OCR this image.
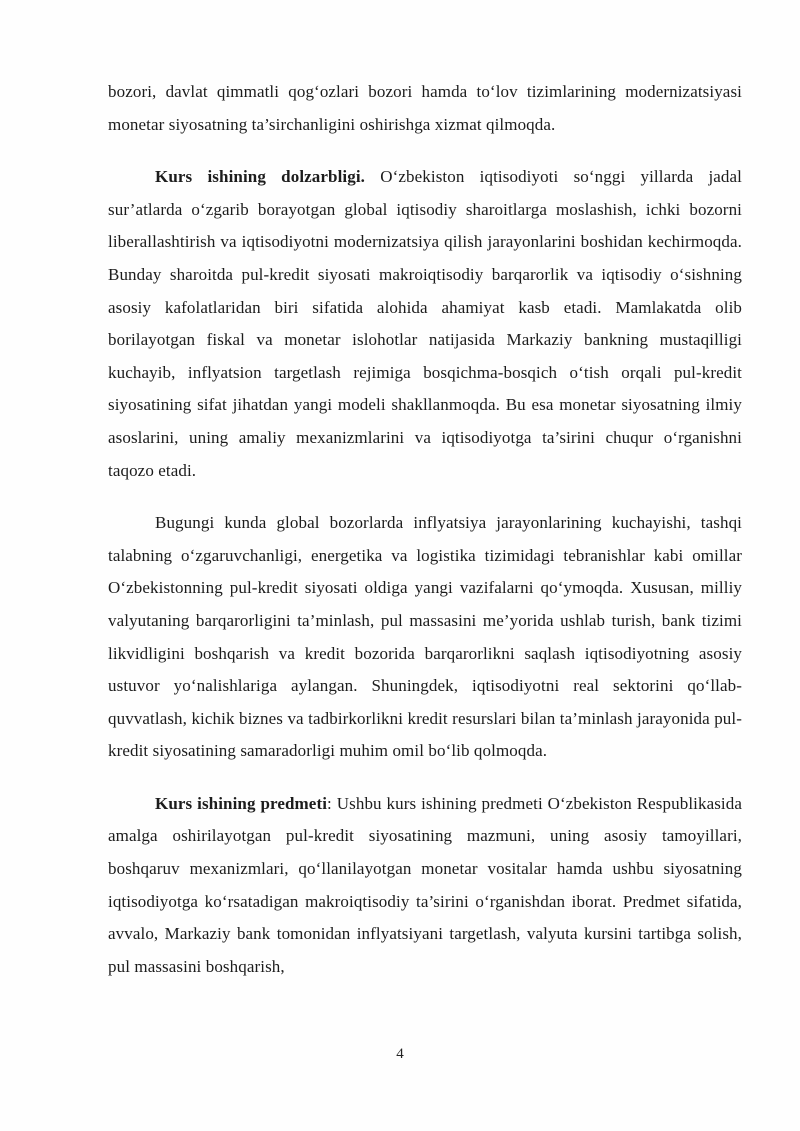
bozori, davlat qimmatli qogʻozlari bozori hamda toʻlov tizimlarining modernizatsiyasi monetar siyosatning ta’sirchanligini oshirishga xizmat qilmoqda.

Kurs ishining dolzarbligi. Oʻzbekiston iqtisodiyoti soʻnggi yillarda jadal sur’atlarda oʻzgarib borayotgan global iqtisodiy sharoitlarga moslashish, ichki bozorni liberallashtirish va iqtisodiyotni modernizatsiya qilish jarayonlarini boshidan kechirmoqda. Bunday sharoitda pul-kredit siyosati makroiqtisodiy barqarorlik va iqtisodiy oʻsishning asosiy kafolatlaridan biri sifatida alohida ahamiyat kasb etadi. Mamlakatda olib borilayotgan fiskal va monetar islohotlar natijasida Markaziy bankning mustaqilligi kuchayib, inflyatsion targetlash rejimiga bosqichma-bosqich oʻtish orqali pul-kredit siyosatining sifat jihatdan yangi modeli shakllanmoqda. Bu esa monetar siyosatning ilmiy asoslarini, uning amaliy mexanizmlarini va iqtisodiyotga ta’sirini chuqur oʻrganishni taqozo etadi.

Bugungi kunda global bozorlarda inflyatsiya jarayonlarining kuchayishi, tashqi talabning oʻzgaruvchanligi, energetika va logistika tizimidagi tebranishlar kabi omillar Oʻzbekistonning pul-kredit siyosati oldiga yangi vazifalarni qoʻymoqda. Xususan, milliy valyutaning barqarorligini ta’minlash, pul massasini me’yorida ushlab turish, bank tizimi likvidligini boshqarish va kredit bozorida barqarorlikni saqlash iqtisodiyotning asosiy ustuvor yoʻnalishlariga aylangan. Shuningdek, iqtisodiyotni real sektorini qoʻllab-quvvatlash, kichik biznes va tadbirkorlikni kredit resurslari bilan ta’minlash jarayonida pul-kredit siyosatining samaradorligi muhim omil boʻlib qolmoqda.

Kurs ishining predmeti: Ushbu kurs ishining predmeti Oʻzbekiston Respublikasida amalga oshirilayotgan pul-kredit siyosatining mazmuni, uning asosiy tamoyillari, boshqaruv mexanizmlari, qoʻllanilayotgan monetar vositalar hamda ushbu siyosatning iqtisodiyotga koʻrsatadigan makroiqtisodiy ta’sirini oʻrganishdan iborat. Predmet sifatida, avvalo, Markaziy bank tomonidan inflyatsiyani targetlash, valyuta kursini tartibga solish, pul massasini boshqarish,

4
